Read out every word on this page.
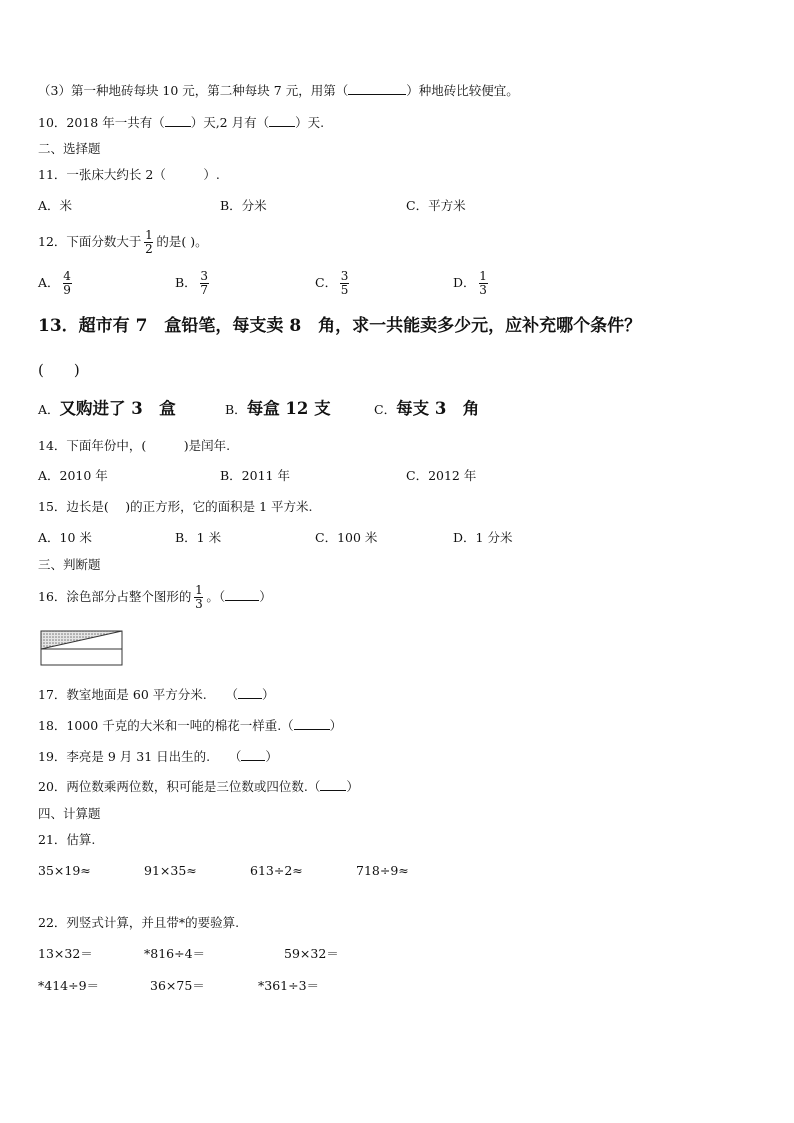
（3）第一种地砖每块 10 元，第二种每块 7 元，用第（	）种地砖比较便宜。
10．2018 年一共有（ ）天,2 月有（ ）天.
二、选择题
11．一张床大约长 2（　　　）.
A．米	B．分米	C．平方米
12．下面分数大于 $\frac{1}{2}$ 的是( )。
A． $\frac{4}{9}$	B． $\frac{3}{7}$	C． $\frac{3}{5}$	D． $\frac{1}{3}$
13．超市有 7　盒铅笔，每支卖 8　角，求一共能卖多少元，应补充哪个条件？
(　　)
A．又购进了 3　盒	B．每盒 12 支	C．每支 3　角
14．下面年份中，(　　　)是闰年.
A．2010 年	B．2011 年	C．2012 年
15．边长是(　 )的正方形，它的面积是 1 平方米.
A．10 米	B．1 米	C．100 米	D．1 分米
三、判断题
16．涂色部分占整个图形的 $\frac{1}{3}$ 。（	）
17．教室地面是 60 平方分米.　　（ ）
18．1000 千克的大米和一吨的棉花一样重.（	）
19．李亮是 9 月 31 日出生的.　　（ ）
20．两位数乘两位数，积可能是三位数或四位数.（ ）
四、计算题
21．估算.
35×19≈	91×35≈	613÷2≈	718÷9≈
22．列竖式计算，并且带*的要验算.
13×32＝	*816÷4＝	59×32＝
*414÷9＝	36×75＝	*361÷3＝
